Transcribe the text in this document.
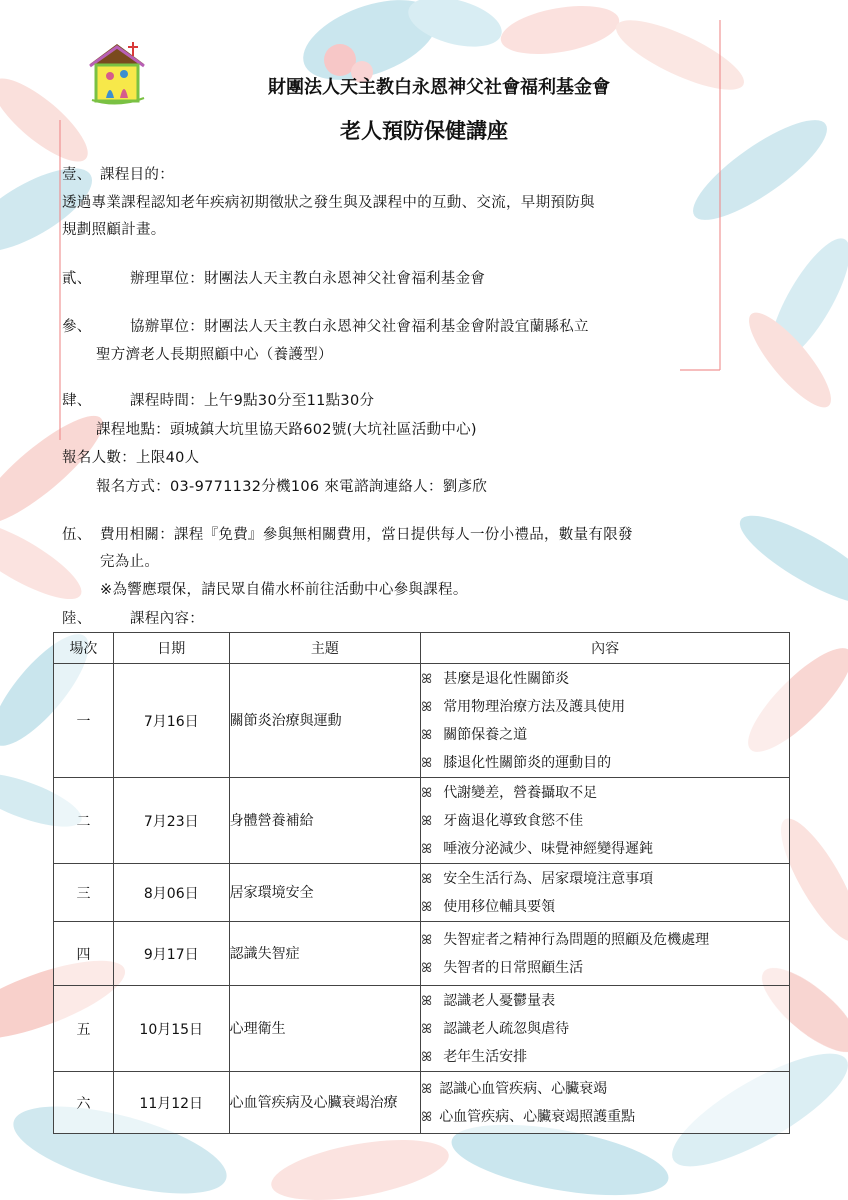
財團法人天主教白永恩神父社會福利基金會
老人預防保健講座
壹、 課程目的：
透過專業課程認知老年疾病初期徵狀之發生與及課程中的互動、交流，早期預防與
規劃照顧計畫。
貳、	辦理單位：財團法人天主教白永恩神父社會福利基金會
參、	協辦單位：財團法人天主教白永恩神父社會福利基金會附設宜蘭縣私立
聖方濟老人長期照顧中心（養護型）
肆、	課程時間：上午9點30分至11點30分
課程地點：頭城鎮大坑里協天路602號(大坑社區活動中心)
報名人數：上限40人
報名方式：03-9771132分機106 來電諮詢連絡人：劉彥欣
伍、 費用相關：課程『免費』參與無相關費用，當日提供每人一份小禮品，數量有限發
完為止。
※為響應環保，請民眾自備水杯前往活動中心參與課程。
陸、	課程內容：
場次	日期	主題	內容
一	7月16日	關節炎治療與運動	ꕤ 甚麼是退化性關節炎
ꕤ 常用物理治療方法及護具使用
ꕤ 關節保養之道
ꕤ 膝退化性關節炎的運動目的

二	7月23日	身體營養補給	ꕤ 代謝變差，營養攝取不足
ꕤ 牙齒退化導致食慾不佳
ꕤ 唾液分泌減少、味覺神經變得遲鈍

三	8月06日	居家環境安全	ꕤ 安全生活行為、居家環境注意事項
ꕤ 使用移位輔具要領

四	9月17日	認識失智症	ꕤ 失智症者之精神行為問題的照顧及危機處理
ꕤ 失智者的日常照顧生活

五	10月15日	心理衛生	ꕤ 認識老人憂鬱量表
ꕤ 認識老人疏忽與虐待
ꕤ 老年生活安排

六	11月12日	心血管疾病及心臟衰竭治療	ꕤ 認識心血管疾病、心臟衰竭
ꕤ 心血管疾病、心臟衰竭照護重點
